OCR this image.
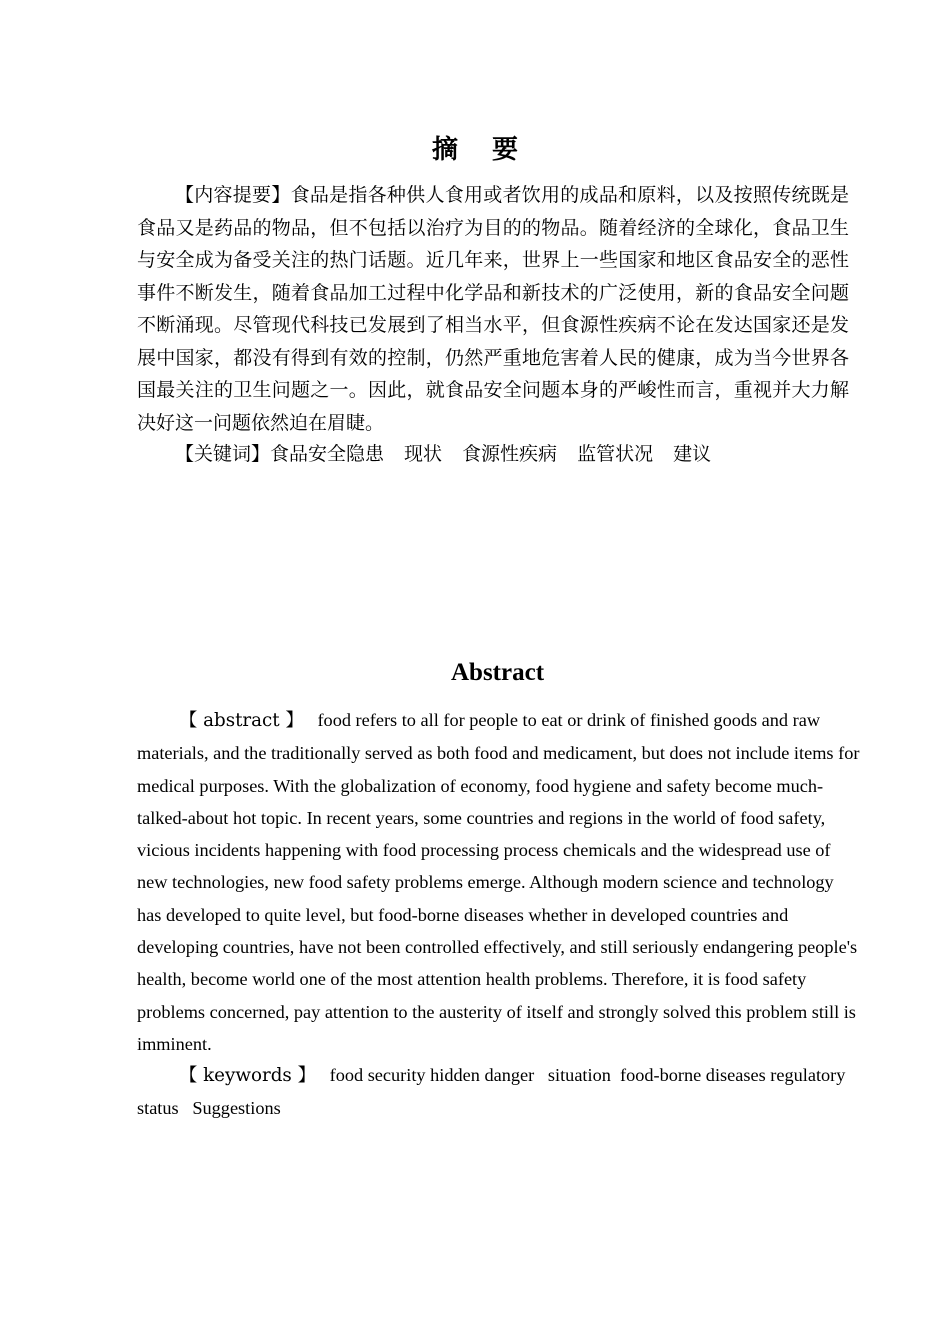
摘 要

【内容提要】食品是指各种供人食用或者饮用的成品和原料，以及按照传统既是食品又是药品的物品，但不包括以治疗为目的的物品。随着经济的全球化，食品卫生与安全成为备受关注的热门话题。近几年来，世界上一些国家和地区食品安全的恶性事件不断发生，随着食品加工过程中化学品和新技术的广泛使用，新的食品安全问题不断涌现。尽管现代科技已发展到了相当水平，但食源性疾病不论在发达国家还是发展中国家，都没有得到有效的控制，仍然严重地危害着人民的健康，成为当今世界各国最关注的卫生问题之一。因此，就食品安全问题本身的严峻性而言，重视并大力解决好这一问题依然迫在眉睫。

【关键词】食品安全隐患 现状 食源性疾病 监管状况 建议

Abstract

【 abstract 】 food refers to all for people to eat or drink of finished goods and raw materials, and the traditionally served as both food and medicament, but does not include items for medical purposes. With the globalization of economy, food hygiene and safety become much-talked-about hot topic. In recent years, some countries and regions in the world of food safety, vicious incidents happening with food processing process chemicals and the widespread use of new technologies, new food safety problems emerge. Although modern science and technology has developed to quite level, but food-borne diseases whether in developed countries and developing countries, have not been controlled effectively, and still seriously endangering people's health, become world one of the most attention health problems. Therefore, it is food safety problems concerned, pay attention to the austerity of itself and strongly solved this problem still is imminent.

【 keywords 】 food security hidden danger   situation  food-borne diseases regulatory status   Suggestions
